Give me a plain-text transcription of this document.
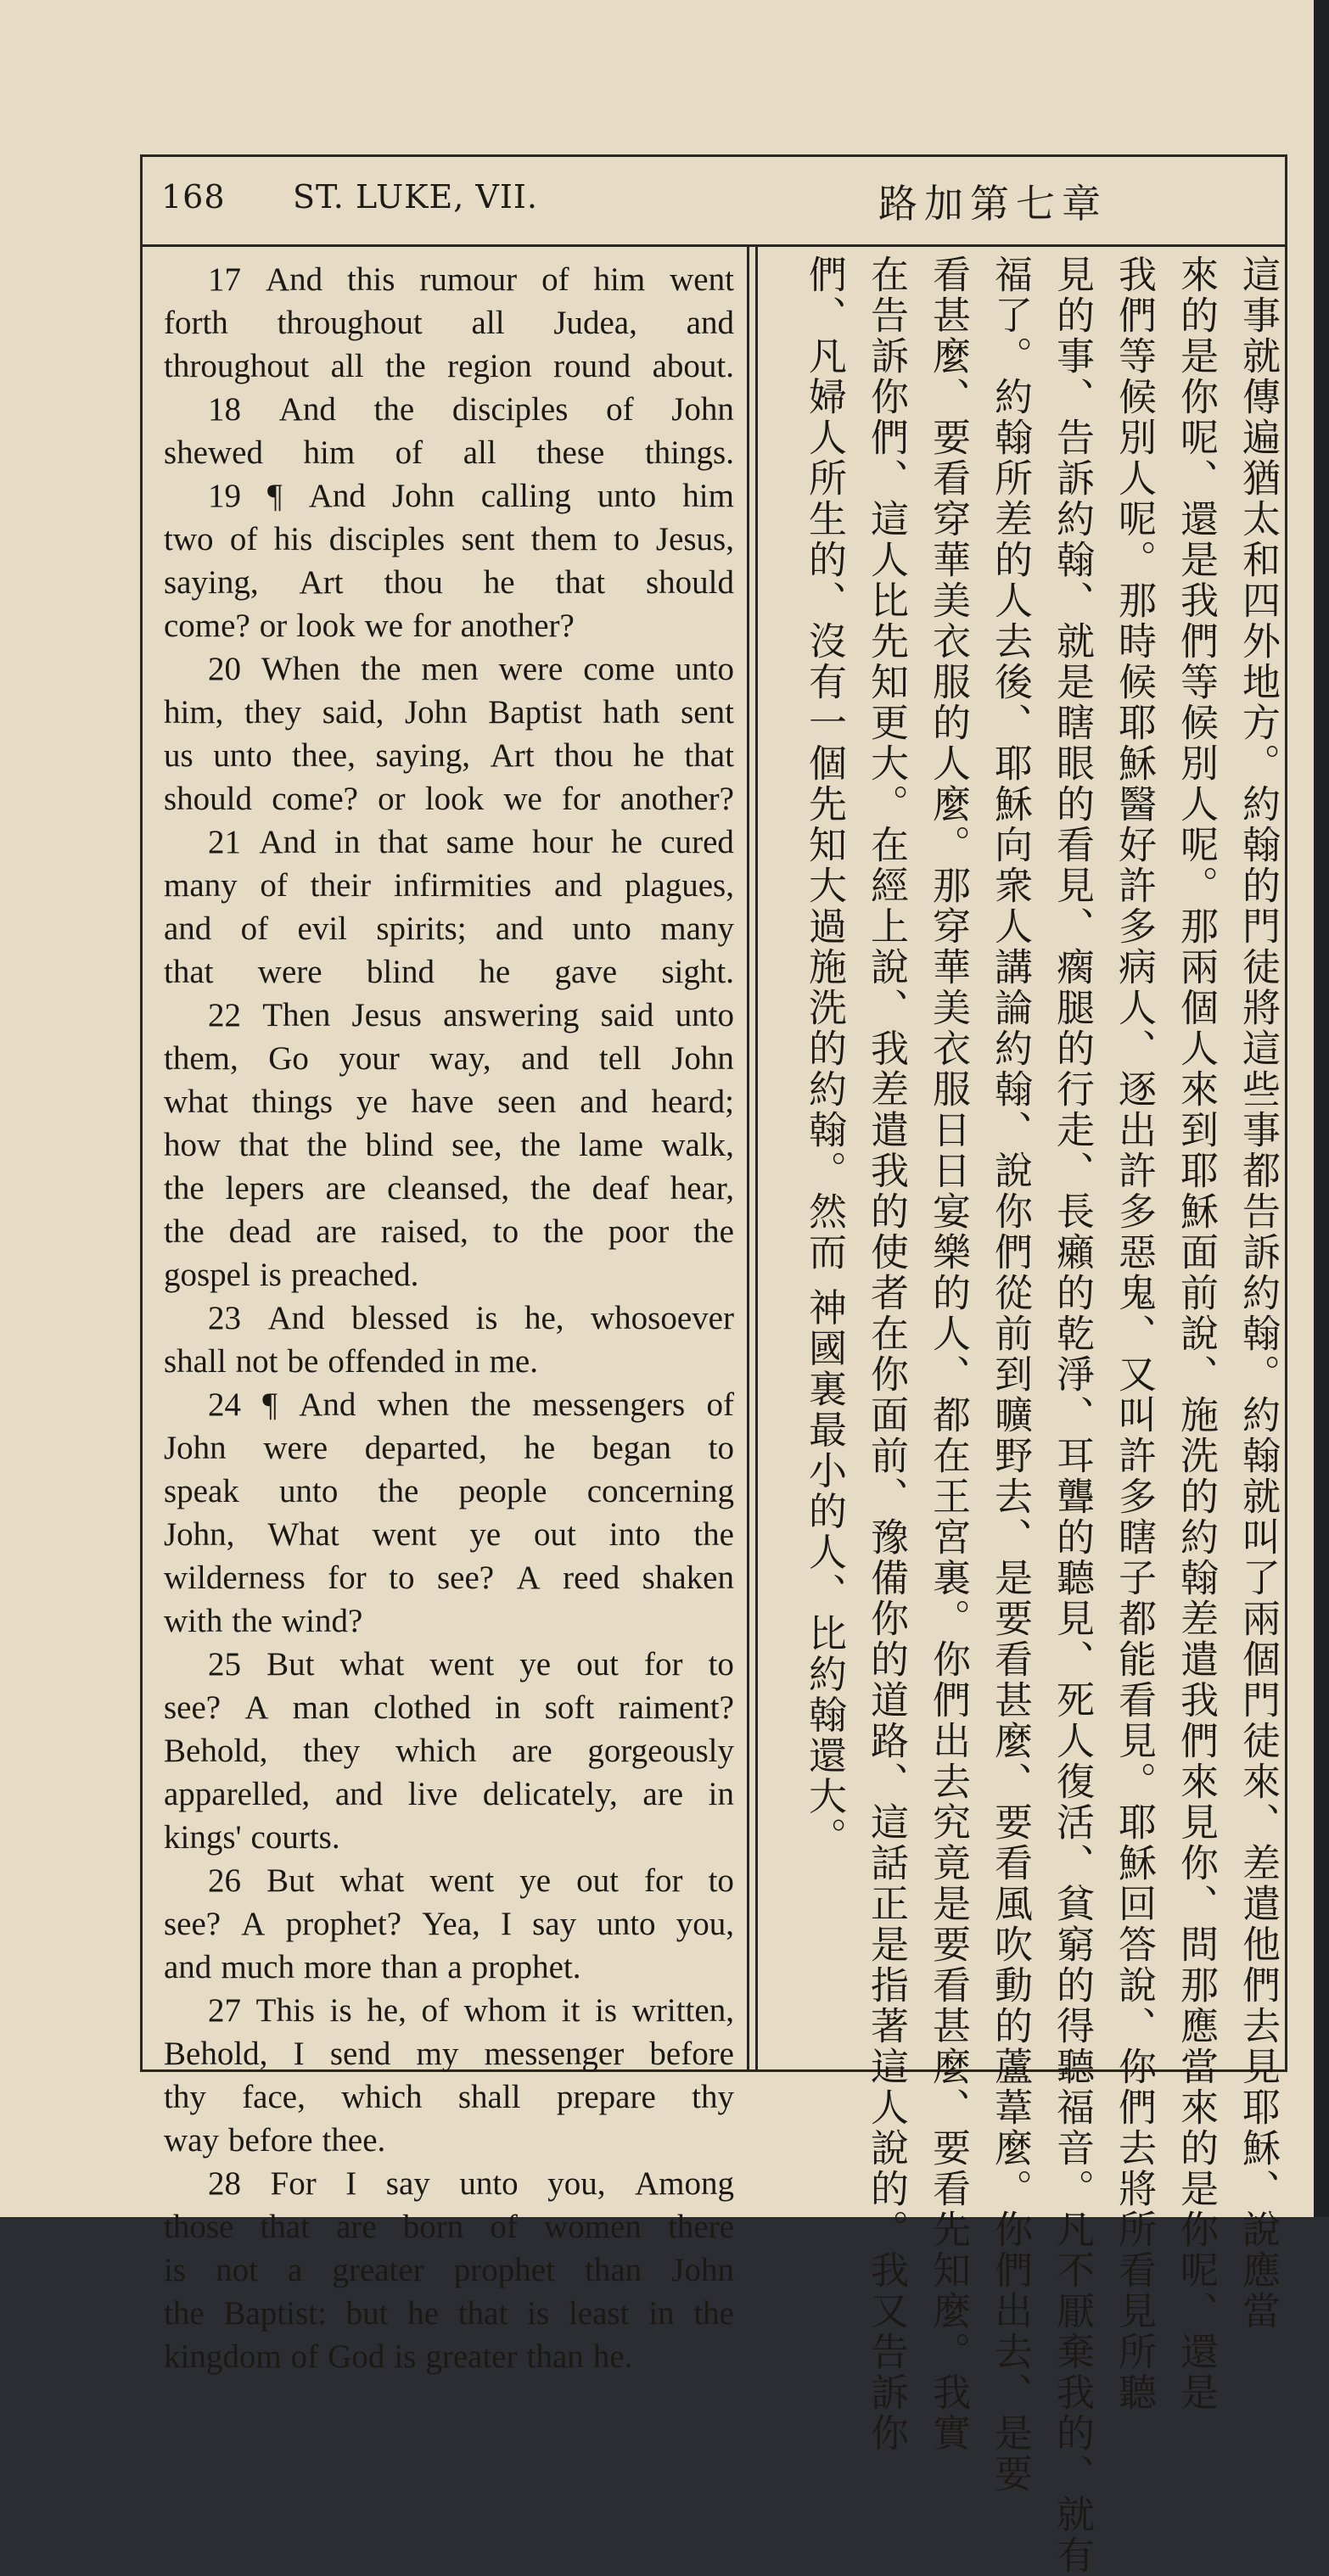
168 ST. LUKE, VII.	路加第七章
17 And this rumour of him went
forth throughout all Judea, and
throughout all the region round about.
18 And the disciples of John
shewed him of all these things.
19 ¶ And John calling unto him
two of his disciples sent them to Jesus,
saying, Art thou he that should
come? or look we for another?
20 When the men were come unto
him, they said, John Baptist hath sent
us unto thee, saying, Art thou he that
should come? or look we for another?
21 And in that same hour he cured
many of their infirmities and plagues,
and of evil spirits; and unto many
that were blind he gave sight.
22 Then Jesus answering said unto
them, Go your way, and tell John
what things ye have seen and heard;
how that the blind see, the lame walk,
the lepers are cleansed, the deaf hear,
the dead are raised, to the poor the
gospel is preached.
23 And blessed is he, whosoever
shall not be offended in me.
24 ¶ And when the messengers of
John were departed, he began to
speak unto the people concerning
John, What went ye out into the
wilderness for to see? A reed shaken
with the wind?
25 But what went ye out for to
see? A man clothed in soft raiment?
Behold, they which are gorgeously
apparelled, and live delicately, are in
kings' courts.
26 But what went ye out for to
see? A prophet? Yea, I say unto you,
and much more than a prophet.
27 This is he, of whom it is written,
Behold, I send my messenger before
thy face, which shall prepare thy
way before thee.
28 For I say unto you, Among
those that are born of women there
is not a greater prophet than John
the Baptist: but he that is least in the
kingdom of God is greater than he.
這事就傳遍猶太和四外地方。約翰的門徒將這些事都告訴約翰。約翰就叫了兩個門徒來、差遣他們去見耶穌、說應當
來的是你呢、還是我們等候別人呢。那兩個人來到耶穌面前說、施洗的約翰差遣我們來見你、問那應當來的是你呢、還是
我們等候別人呢。那時候耶穌醫好許多病人、逐出許多惡鬼、又叫許多瞎子都能看見。耶穌回答說、你們去將所看見所聽
見的事、告訴約翰、就是瞎眼的看見、瘸腿的行走、長癩的乾淨、耳聾的聽見、死人復活、貧窮的得聽福音。凡不厭棄我的、就有
福了。約翰所差的人去後、耶穌向衆人講論約翰、說你們從前到曠野去、是要看甚麼、要看風吹動的蘆葦麼。你們出去、是要
看甚麼、要看穿華美衣服的人麼。那穿華美衣服日日宴樂的人、都在王宮裏。你們出去究竟是要看甚麼、要看先知麼。我實
在告訴你們、這人比先知更大。在經上說、我差遣我的使者在你面前、豫備你的道路、這話正是指著這人說的。我又告訴你
們、凡婦人所生的、沒有一個先知大過施洗的約翰。然而 神國裏最小的人、比約翰還大。
